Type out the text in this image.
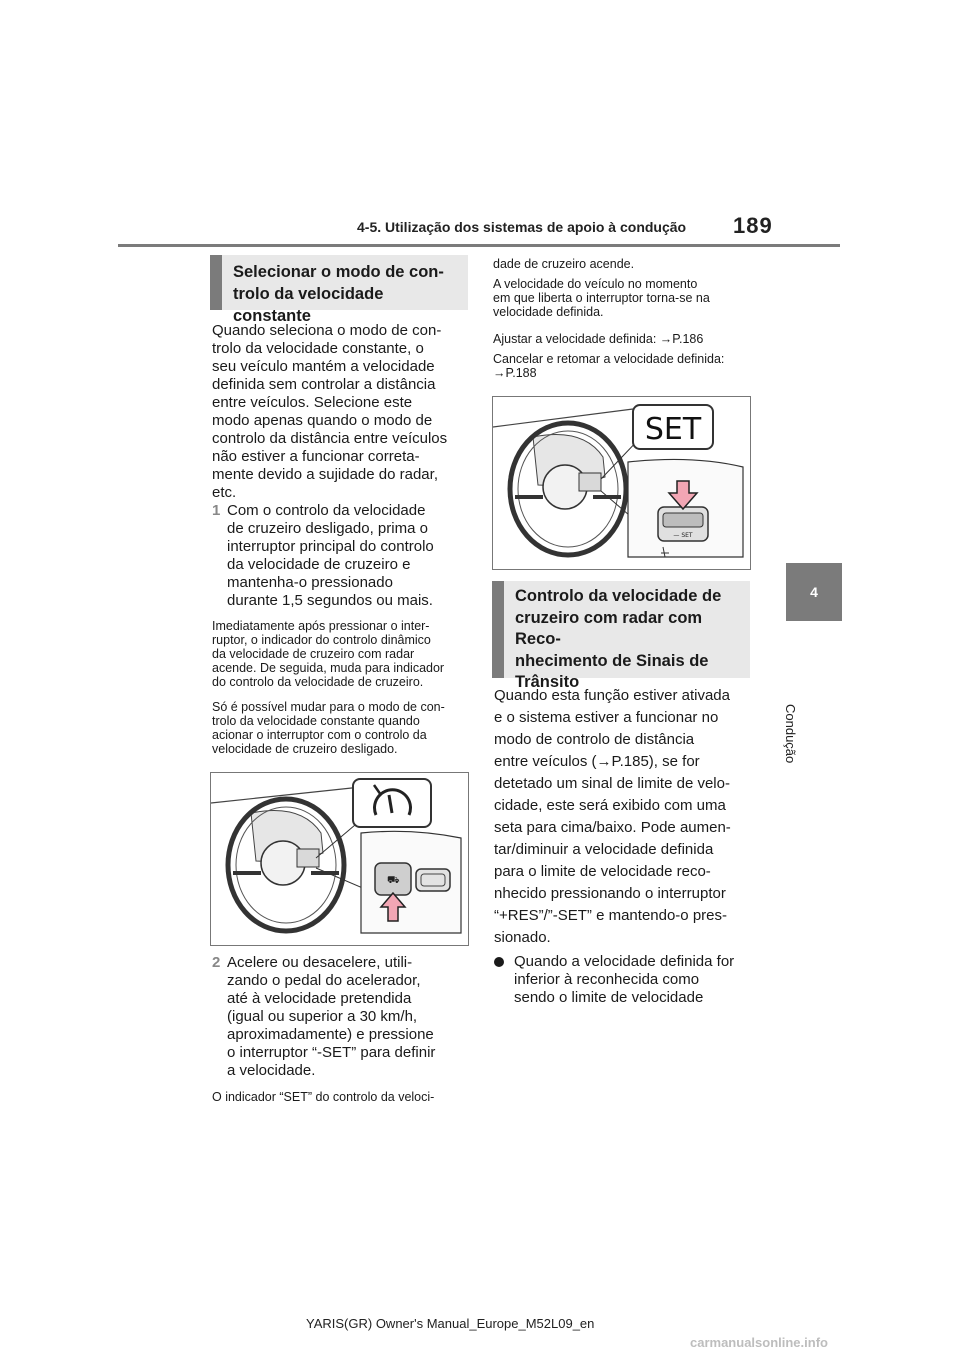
4-5. Utilização dos sistemas de apoio à condução 189
4
Condução
Selecionar o modo de con-
trolo da velocidade constante
Quando seleciona o modo de con-
trolo da velocidade constante, o
seu veículo mantém a velocidade
definida sem controlar a distância
entre veículos. Selecione este
modo apenas quando o modo de
controlo da distância entre veículos
não estiver a funcionar correta-
mente devido a sujidade do radar,
etc.
1 Com o controlo da velocidade
de cruzeiro desligado, prima o
interruptor principal do controlo
da velocidade de cruzeiro e
mantenha-o pressionado
durante 1,5 segundos ou mais.
Imediatamente após pressionar o inter-
ruptor, o indicador do controlo dinâmico
da velocidade de cruzeiro com radar
acende. De seguida, muda para indicador
do controlo da velocidade de cruzeiro.
Só é possível mudar para o modo de con-
trolo da velocidade constante quando
acionar o interruptor com o controlo da
velocidade de cruzeiro desligado.
⛟
2 Acelere ou desacelere, utili-
zando o pedal do acelerador,
até à velocidade pretendida
(igual ou superior a 30 km/h,
aproximadamente) e pressione
o interruptor “-SET” para definir
a velocidade.
O indicador “SET” do controlo da veloci-
dade de cruzeiro acende.
A velocidade do veículo no momento
em que liberta o interruptor torna-se na
velocidade definida.
Ajustar a velocidade definida: →P.186
Cancelar e retomar a velocidade definida:
→P.188
SET
— SET
Controlo da velocidade de
cruzeiro com radar com Reco-
nhecimento de Sinais de
Trânsito
Quando esta função estiver ativada
e o sistema estiver a funcionar no
modo de controlo de distância
entre veículos (→P.185), se for
detetado um sinal de limite de velo-
cidade, este será exibido com uma
seta para cima/baixo. Pode aumen-
tar/diminuir a velocidade definida
para o limite de velocidade reco-
nhecido pressionando o interruptor
“+RES”/”-SET” e mantendo-o pres-
sionado.
Quando a velocidade definida for
inferior à reconhecida como
sendo o limite de velocidade
YARIS(GR) Owner's Manual_Europe_M52L09_en
carmanualsonline.info
